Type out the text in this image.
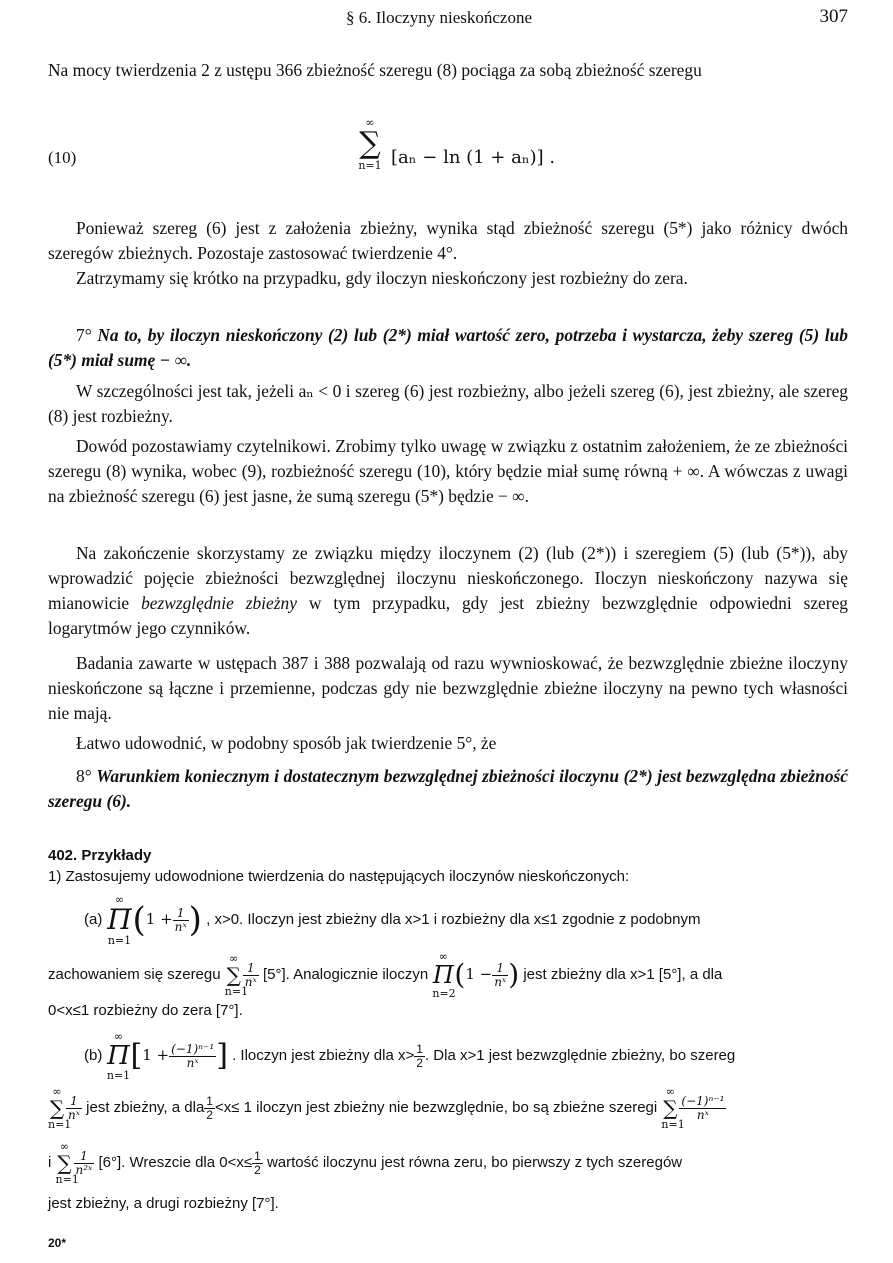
§ 6. Iloczyny nieskończone	307
Na mocy twierdzenia 2 z ustępu 366 zbieżność szeregu (8) pociąga za sobą zbieżność szeregu
(10)
∞
∑
n=1 [aₙ − ln (1 + aₙ)] .
Ponieważ szereg (6) jest z założenia zbieżny, wynika stąd zbieżność szeregu (5*) jako różnicy dwóch szeregów zbieżnych. Pozostaje zastosować twierdzenie 4°.
Zatrzymamy się krótko na przypadku, gdy iloczyn nieskończony jest rozbieżny do zera.
7° Na to, by iloczyn nieskończony (2) lub (2*) miał wartość zero, potrzeba i wystarcza, żeby szereg (5) lub (5*) miał sumę − ∞.
W szczególności jest tak, jeżeli aₙ < 0 i szereg (6) jest rozbieżny, albo jeżeli szereg (6), jest zbieżny, ale szereg (8) jest rozbieżny.
Dowód pozostawiamy czytelnikowi. Zrobimy tylko uwagę w związku z ostatnim założeniem, że ze zbieżności szeregu (8) wynika, wobec (9), rozbieżność szeregu (10), który będzie miał sumę równą + ∞. A wówczas z uwagi na zbieżność szeregu (6) jest jasne, że sumą szeregu (5*) będzie − ∞.
Na zakończenie skorzystamy ze związku między iloczynem (2) (lub (2*)) i szeregiem (5) (lub (5*)), aby wprowadzić pojęcie zbieżności bezwzględnej iloczynu nieskończonego. Iloczyn nieskończony nazywa się mianowicie bezwzględnie zbieżny w tym przypadku, gdy jest zbieżny bezwzględnie odpowiedni szereg logarytmów jego czynników.
Badania zawarte w ustępach 387 i 388 pozwalają od razu wywnioskować, że bezwzględnie zbieżne iloczyny nieskończone są łączne i przemienne, podczas gdy nie bezwzględnie zbieżne iloczyny na pewno tych własności nie mają.
Łatwo udowodnić, w podobny sposób jak twierdzenie 5°, że
8° Warunkiem koniecznym i dostatecznym bezwzględnej zbieżności iloczynu (2*) jest bezwzględna zbieżność szeregu (6).
402. Przykłady
1) Zastosujemy udowodnione twierdzenia do następujących iloczynów nieskończonych:
(a)
∞
Π
n=1
($1 + \frac{1}{\text{nˣ}}$ ) , x>0. Iloczyn jest zbieżny dla x>1 i rozbieżny dla x≤1 zgodnie z podobnym
zachowaniem się szeregu
∞
∑
n=1
$\frac{1}{\text{nˣ}} [5^\circ]$. Analogicznie iloczyn
∞
Π
n=2
($1 - \frac{1}{\text{nˣ}}$ ) jest zbieżny dla x>1 [5°], a dla
0<x≤1 rozbieżny do zera [7°].
(b)
∞
Π
n=1
[$1 + \frac{\text{(−1)ⁿ⁻¹}}{\text{nˣ}}$ ] . Iloczyn jest zbieżny dla $x> \frac{1}{2}$ . Dla x>1 jest bezwzględnie zbieżny, bo szereg
∞
∑
n=1
$\frac{1}{\text{nˣ}}$ jest zbieżny, a dla $\frac{1}{2} <x\le 1$ iloczyn jest zbieżny nie bezwzględnie, bo są zbieżne szeregi
∞
∑
n=1
$\frac{\text{(−1)ⁿ⁻¹}}{\text{nˣ}}$
i
∞
∑
n=1
$\frac{1}{\text{n²ˣ}} [6^\circ]$. Wreszcie dla $0<x\le \frac{1}{2}$ wartość iloczynu jest równa zeru, bo pierwszy z tych szeregów
jest zbieżny, a drugi rozbieżny [7°].
20*
